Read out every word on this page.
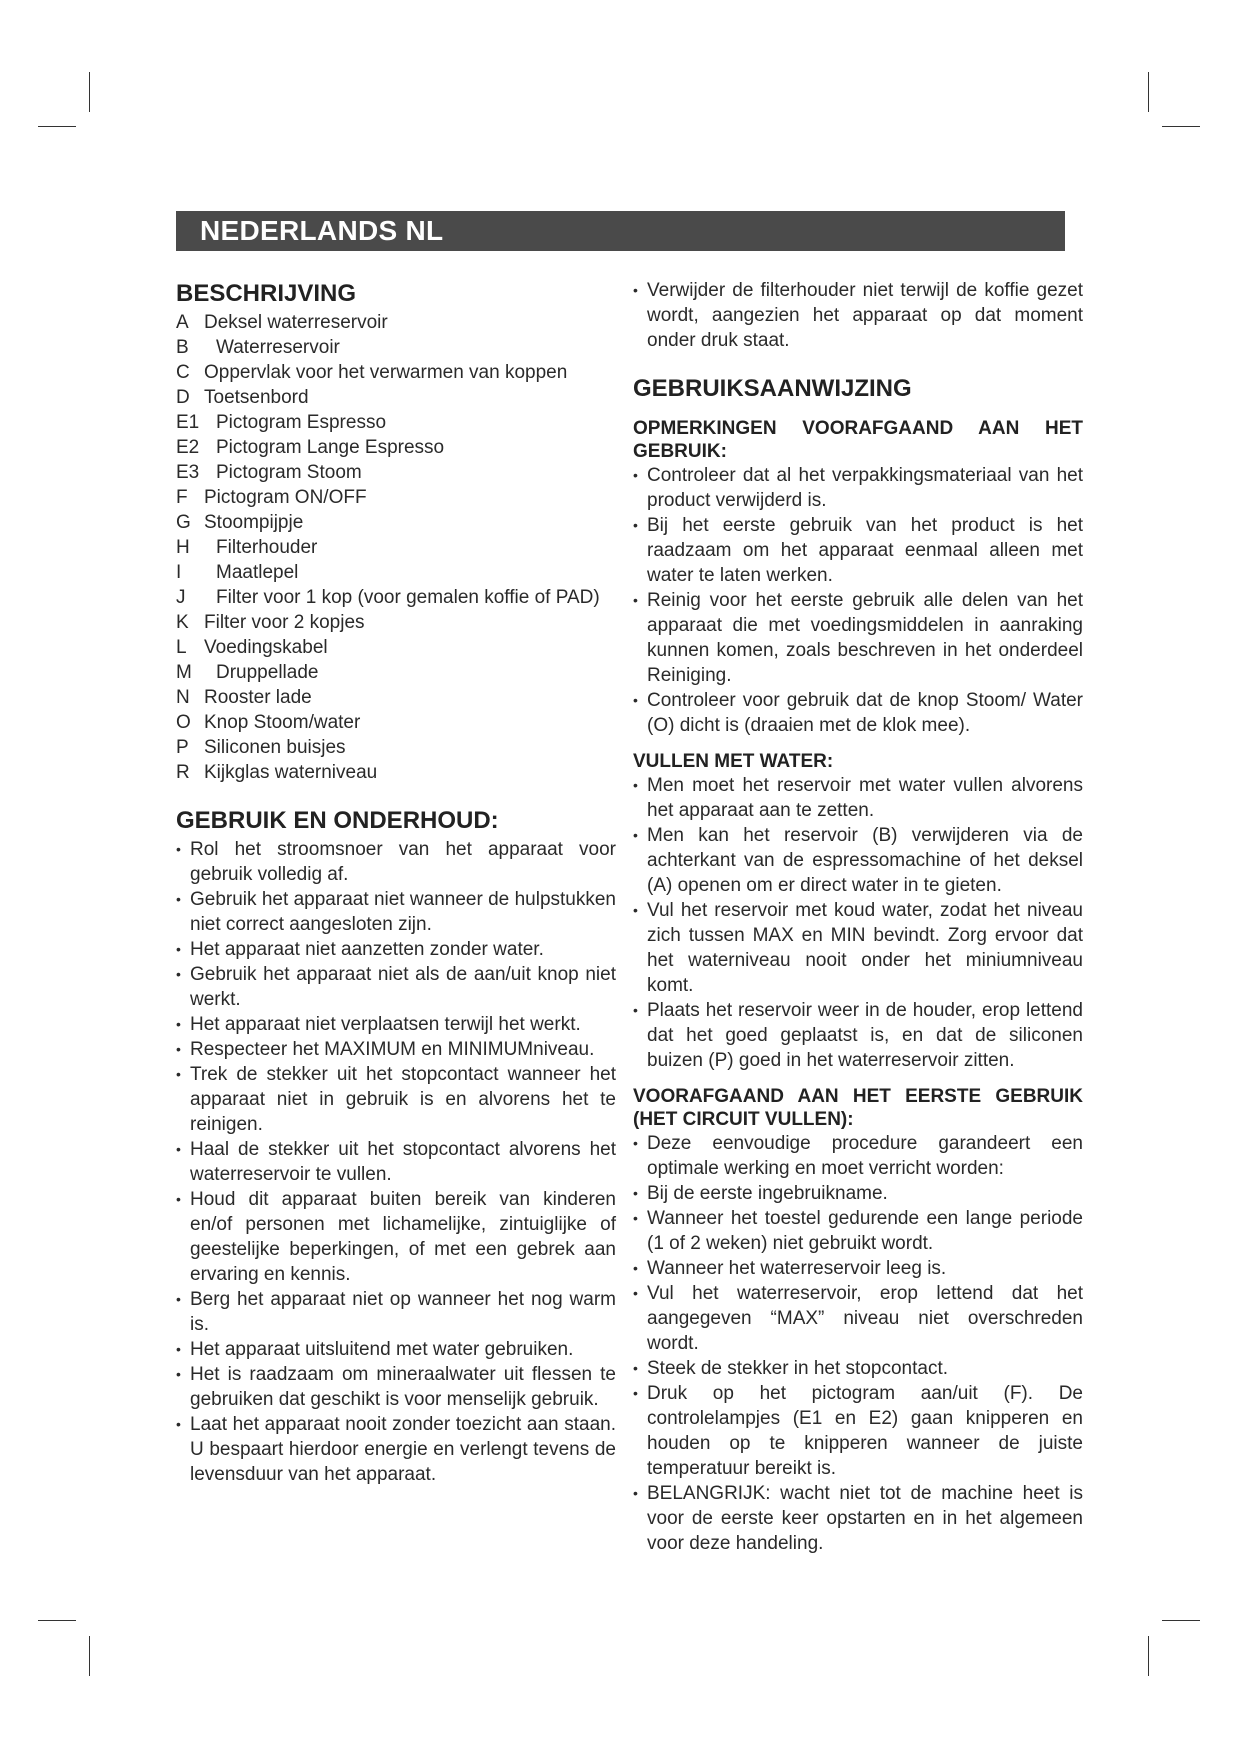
NEDERLANDS NL
BESCHRIJVING
A Deksel waterreservoir
B	Waterreservoir
C Oppervlak voor het verwarmen van koppen
D Toetsenbord
E1 Pictogram Espresso
E2 Pictogram Lange Espresso
E3 Pictogram Stoom
F Pictogram ON/OFF
G Stoompijpje
H	Filterhouder
I	Maatlepel
J	Filter voor 1 kop (voor gemalen koffie of PAD)
K Filter voor 2 kopjes
L Voedingskabel
M	Druppellade
N Rooster lade
O Knop Stoom/water
P Siliconen buisjes
R Kijkglas waterniveau
GEBRUIK EN ONDERHOUD:
• Rol het stroomsnoer van het apparaat voor gebruik volledig af.
• Gebruik het apparaat niet wanneer de hulpstukken niet correct aangesloten zijn.
• Het apparaat niet aanzetten zonder water.
• Gebruik het apparaat niet als de aan/uit knop niet werkt.
• Het apparaat niet verplaatsen terwijl het werkt.
• Respecteer het MAXIMUM en MINIMUMniveau.
• Trek de stekker uit het stopcontact wanneer het apparaat niet in gebruik is en alvorens het te reinigen.
• Haal de stekker uit het stopcontact alvorens het waterreservoir te vullen.
• Houd dit apparaat buiten bereik van kinderen en/of personen met lichamelijke, zintuiglijke of geestelijke beperkingen, of met een gebrek aan ervaring en kennis.
• Berg het apparaat niet op wanneer het nog warm is.
• Het apparaat uitsluitend met water gebruiken.
• Het is raadzaam om mineraalwater uit flessen te gebruiken dat geschikt is voor menselijk gebruik.
• Laat het apparaat nooit zonder toezicht aan staan. U bespaart hierdoor energie en verlengt tevens de levensduur van het apparaat.
• Verwijder de filterhouder niet terwijl de koffie gezet wordt, aangezien het apparaat op dat moment onder druk staat.
GEBRUIKSAANWIJZING
OPMERKINGEN VOORAFGAAND AAN HET GEBRUIK:
• Controleer dat al het verpakkingsmateriaal van het product verwijderd is.
• Bij het eerste gebruik van het product is het raadzaam om het apparaat eenmaal alleen met water te laten werken.
• Reinig voor het eerste gebruik alle delen van het apparaat die met voedingsmiddelen in aanraking kunnen komen, zoals beschreven in het onderdeel Reiniging.
• Controleer voor gebruik dat de knop Stoom/ Water (O) dicht is (draaien met de klok mee).
VULLEN MET WATER:
• Men moet het reservoir met water vullen alvorens het apparaat aan te zetten.
• Men kan het reservoir (B) verwijderen via de achterkant van de espressomachine of het deksel (A) openen om er direct water in te gieten.
• Vul het reservoir met koud water, zodat het niveau zich tussen MAX en MIN bevindt. Zorg ervoor dat het waterniveau nooit onder het miniumniveau komt.
• Plaats het reservoir weer in de houder, erop lettend dat het goed geplaatst is, en dat de siliconen buizen (P) goed in het waterreservoir zitten.
VOORAFGAAND AAN HET EERSTE GEBRUIK (HET CIRCUIT VULLEN):
• Deze eenvoudige procedure garandeert een optimale werking en moet verricht worden:
• Bij de eerste ingebruikname.
• Wanneer het toestel gedurende een lange periode (1 of 2 weken) niet gebruikt wordt.
• Wanneer het waterreservoir leeg is.
• Vul het waterreservoir, erop lettend dat het aangegeven “MAX” niveau niet overschreden wordt.
• Steek de stekker in het stopcontact.
• Druk op het pictogram aan/uit (F). De controlelampjes (E1 en E2) gaan knipperen en houden op te knipperen wanneer de juiste temperatuur bereikt is.
• BELANGRIJK: wacht niet tot de machine heet is voor de eerste keer opstarten en in het algemeen voor deze handeling.
